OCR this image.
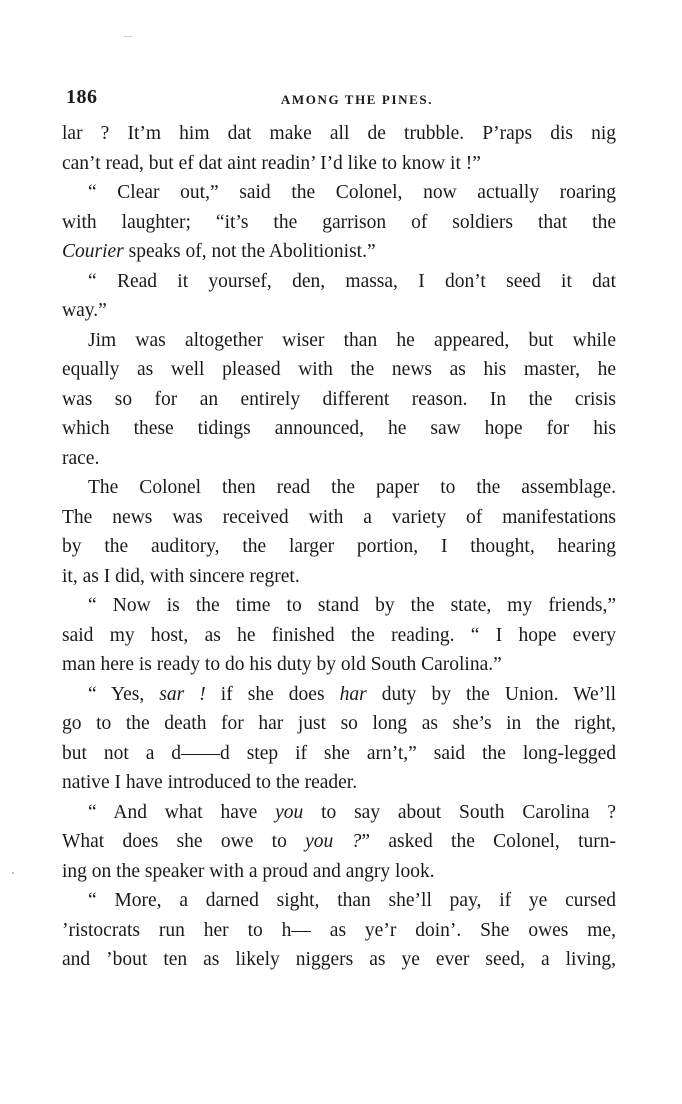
186	AMONG THE PINES.
lar ? It’m him dat make all de trubble. P’raps dis nig
can’t read, but ef dat aint readin’ I’d like to know it !”
“ Clear out,” said the Colonel, now actually roaring
with laughter; “it’s the garrison of soldiers that the
Courier speaks of, not the Abolitionist.”
“ Read it yoursef, den, massa, I don’t seed it dat
way.”
Jim was altogether wiser than he appeared, but while
equally as well pleased with the news as his master, he
was so for an entirely different reason. In the crisis
which these tidings announced, he saw hope for his
race.
The Colonel then read the paper to the assemblage.
The news was received with a variety of manifestations
by the auditory, the larger portion, I thought, hearing
it, as I did, with sincere regret.
“ Now is the time to stand by the state, my friends,”
said my host, as he finished the reading. “ I hope every
man here is ready to do his duty by old South Carolina.”
“ Yes, sar ! if she does har duty by the Union. We’ll
go to the death for har just so long as she’s in the right,
but not a d——d step if she arn’t,” said the long-legged
native I have introduced to the reader.
“ And what have you to say about South Carolina ?
What does she owe to you ?” asked the Colonel, turn-
ing on the speaker with a proud and angry look.
“ More, a darned sight, than she’ll pay, if ye cursed
’ristocrats run her to h— as ye’r doin’. She owes me,
and ’bout ten as likely niggers as ye ever seed, a living,
